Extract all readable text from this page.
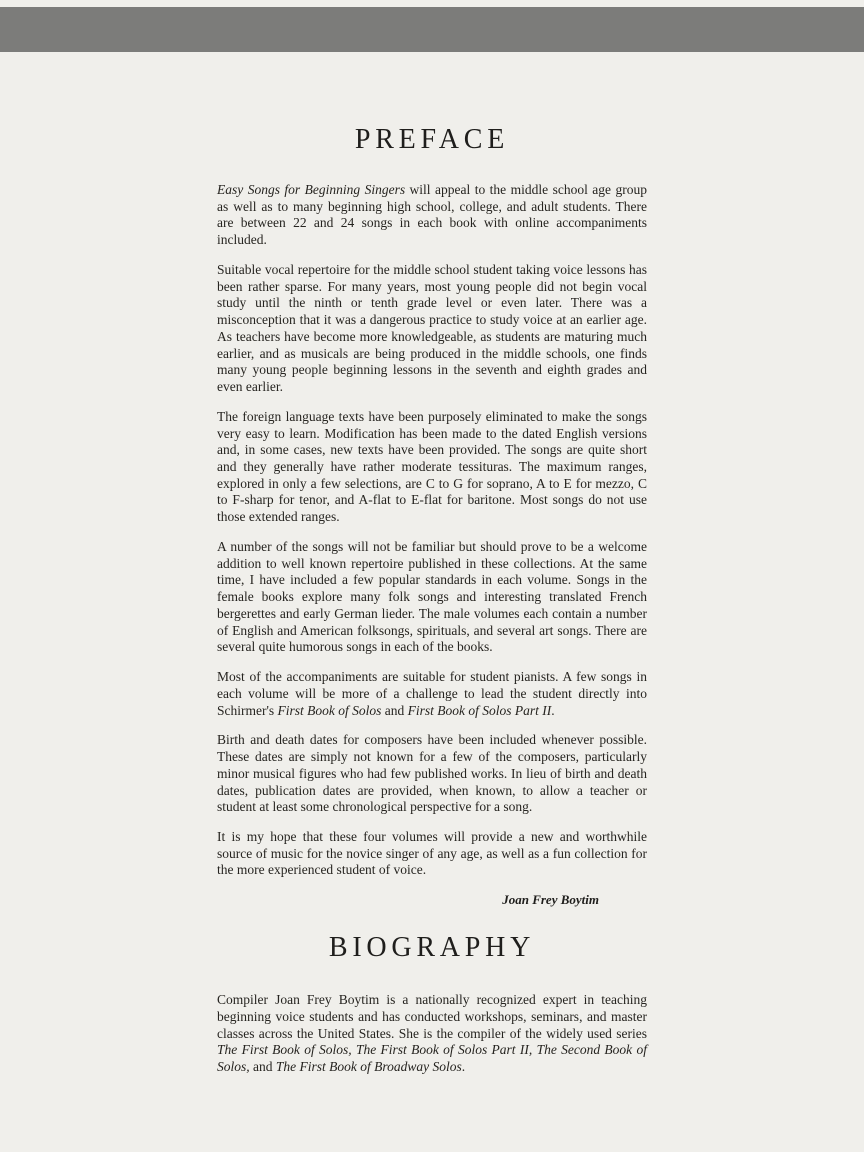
PREFACE

Easy Songs for Beginning Singers will appeal to the middle school age group as well as to many beginning high school, college, and adult students. There are between 22 and 24 songs in each book with online accompaniments included.

Suitable vocal repertoire for the middle school student taking voice lessons has been rather sparse. For many years, most young people did not begin vocal study until the ninth or tenth grade level or even later. There was a misconception that it was a dangerous practice to study voice at an earlier age. As teachers have become more knowledgeable, as students are maturing much earlier, and as musicals are being produced in the middle schools, one finds many young people beginning lessons in the seventh and eighth grades and even earlier.

The foreign language texts have been purposely eliminated to make the songs very easy to learn. Modification has been made to the dated English versions and, in some cases, new texts have been provided. The songs are quite short and they generally have rather moderate tessituras. The maximum ranges, explored in only a few selections, are C to G for soprano, A to E for mezzo, C to F-sharp for tenor, and A-flat to E-flat for baritone. Most songs do not use those extended ranges.

A number of the songs will not be familiar but should prove to be a welcome addition to well known repertoire published in these collections. At the same time, I have included a few popular standards in each volume. Songs in the female books explore many folk songs and interesting translated French bergerettes and early German lieder. The male volumes each contain a number of English and American folksongs, spirituals, and several art songs. There are several quite humorous songs in each of the books.

Most of the accompaniments are suitable for student pianists. A few songs in each volume will be more of a challenge to lead the student directly into Schirmer's First Book of Solos and First Book of Solos Part II.

Birth and death dates for composers have been included whenever possible. These dates are simply not known for a few of the composers, particularly minor musical figures who had few published works. In lieu of birth and death dates, publication dates are provided, when known, to allow a teacher or student at least some chronological perspective for a song.

It is my hope that these four volumes will provide a new and worthwhile source of music for the novice singer of any age, as well as a fun collection for the more experienced student of voice.

Joan Frey Boytim
BIOGRAPHY

Compiler Joan Frey Boytim is a nationally recognized expert in teaching beginning voice students and has conducted workshops, seminars, and master classes across the United States. She is the compiler of the widely used series The First Book of Solos, The First Book of Solos Part II, The Second Book of Solos, and The First Book of Broadway Solos.
